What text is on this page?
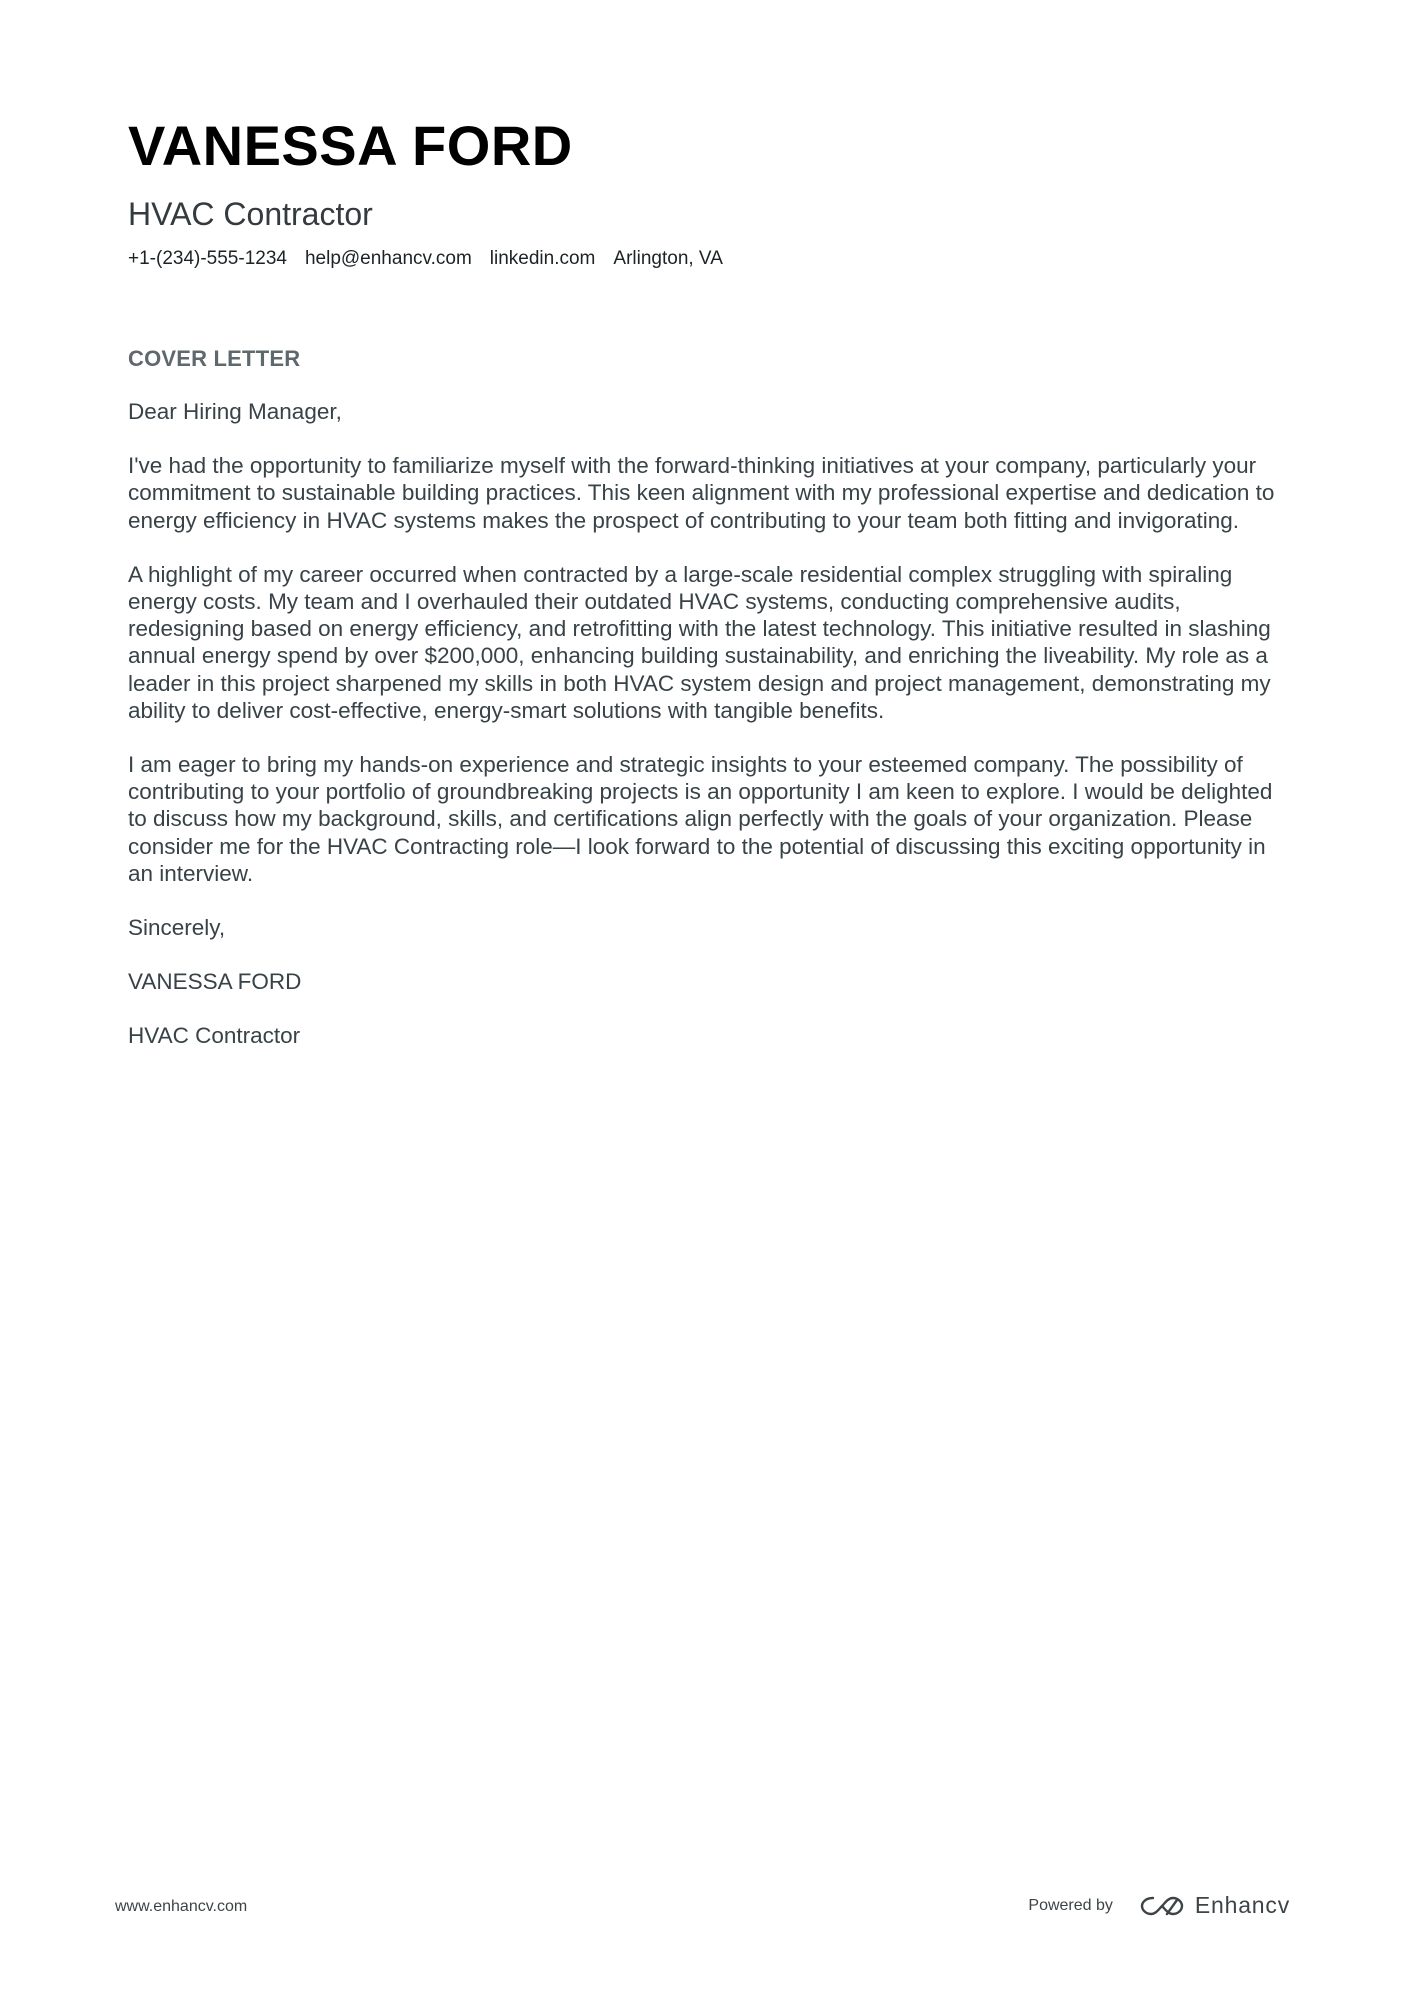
VANESSA FORD
HVAC Contractor
+1-(234)-555-1234 help@enhancv.com linkedin.com Arlington, VA
COVER LETTER

Dear Hiring Manager,

I've had the opportunity to familiarize myself with the forward-thinking initiatives at your company, particularly your commitment to sustainable building practices. This keen alignment with my professional expertise and dedication to energy efficiency in HVAC systems makes the prospect of contributing to your team both fitting and invigorating.

A highlight of my career occurred when contracted by a large-scale residential complex struggling with spiraling energy costs. My team and I overhauled their outdated HVAC systems, conducting comprehensive audits, redesigning based on energy efficiency, and retrofitting with the latest technology. This initiative resulted in slashing annual energy spend by over $200,000, enhancing building sustainability, and enriching the liveability. My role as a leader in this project sharpened my skills in both HVAC system design and project management, demonstrating my ability to deliver cost-effective, energy-smart solutions with tangible benefits.

I am eager to bring my hands-on experience and strategic insights to your esteemed company. The possibility of contributing to your portfolio of groundbreaking projects is an opportunity I am keen to explore. I would be delighted to discuss how my background, skills, and certifications align perfectly with the goals of your organization. Please consider me for the HVAC Contracting role—I look forward to the potential of discussing this exciting opportunity in an interview.

Sincerely,

VANESSA FORD

HVAC Contractor

www.enhancv.com	Powered by	Enhancv
